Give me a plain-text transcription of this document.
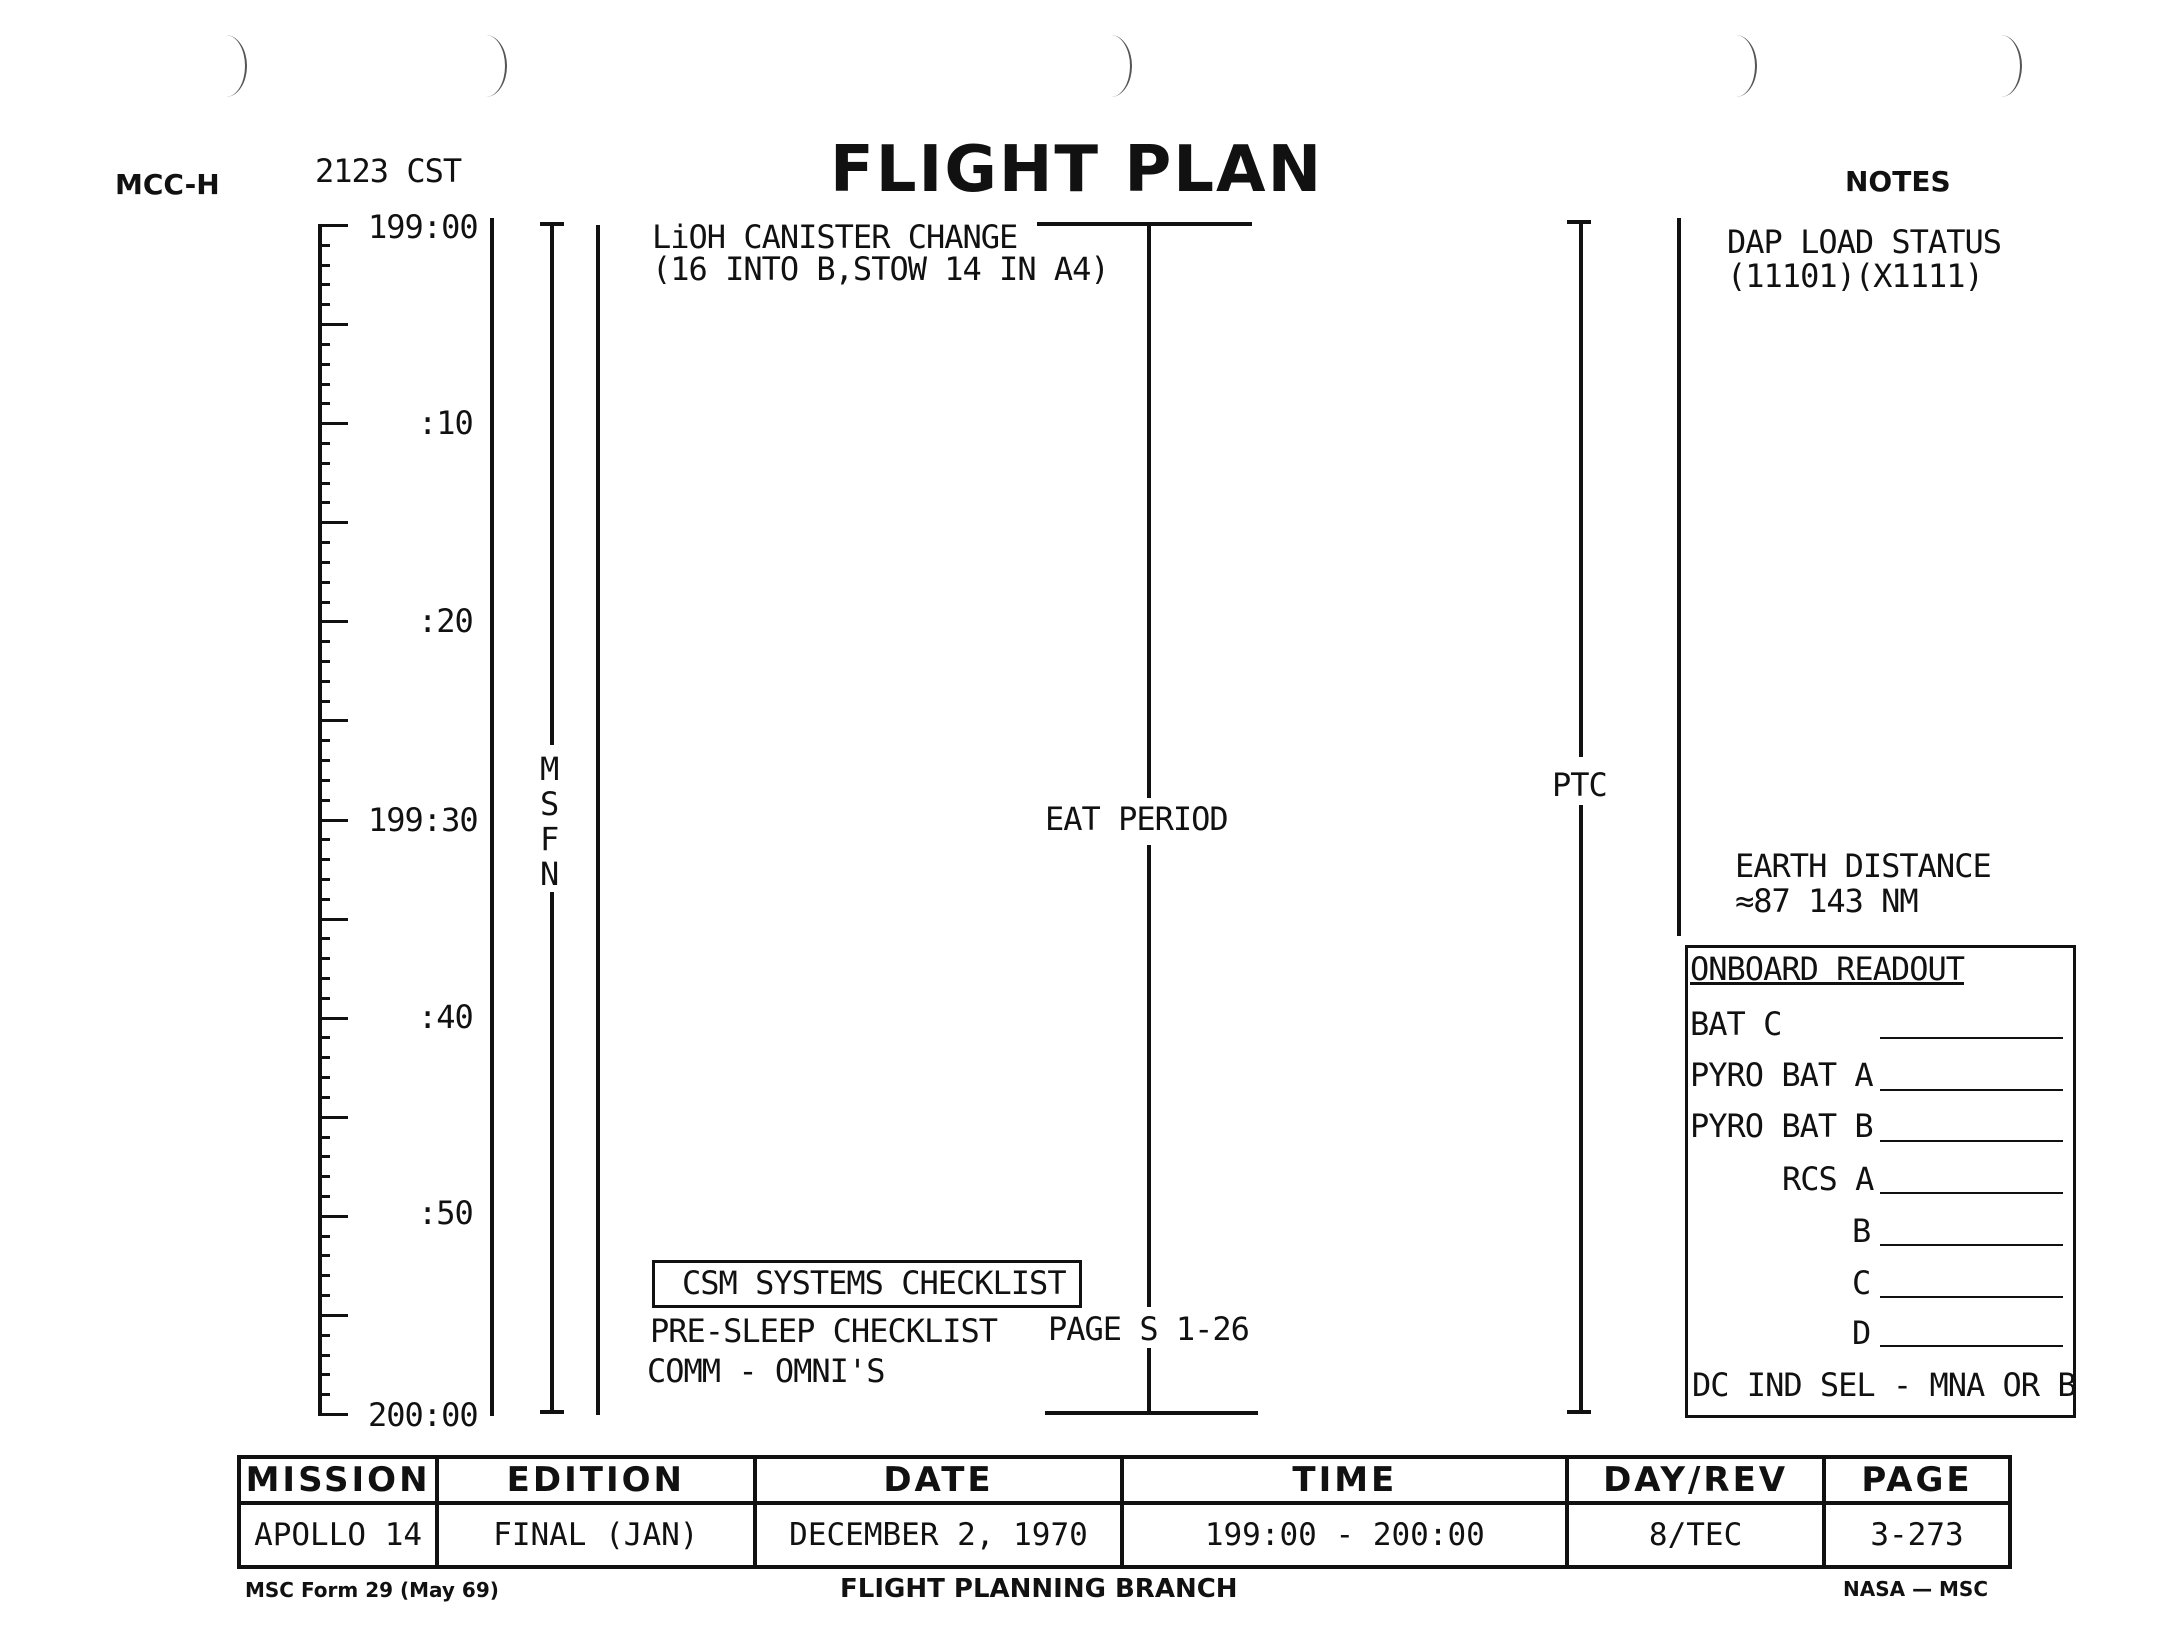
MCC-H	2123 CST	FLIGHT PLAN	NOTES
199:00
:10
:20
199:30
:40
:50
200:00
M
S
F
N
LiOH CANISTER CHANGE
(16 INTO B,STOW 14 IN A4)
EAT PERIOD
CSM SYSTEMS CHECKLIST
PRE-SLEEP CHECKLIST PAGE S 1-26
COMM - OMNI'S
PTC
DAP LOAD STATUS
(11101)(X1111)
EARTH DISTANCE
≈87 143 NM
ONBOARD READOUT
BAT C
PYRO BAT A
PYRO BAT B
RCS A
B
C
D
DC IND SEL - MNA OR B
MISSION	EDITION	DATE	TIME	DAY/REV	PAGE
APOLLO 14	FINAL (JAN)	DECEMBER 2, 1970	199:00 - 200:00	8/TEC	3-273
MSC Form 29 (May 69)	FLIGHT PLANNING BRANCH	NASA — MSC
